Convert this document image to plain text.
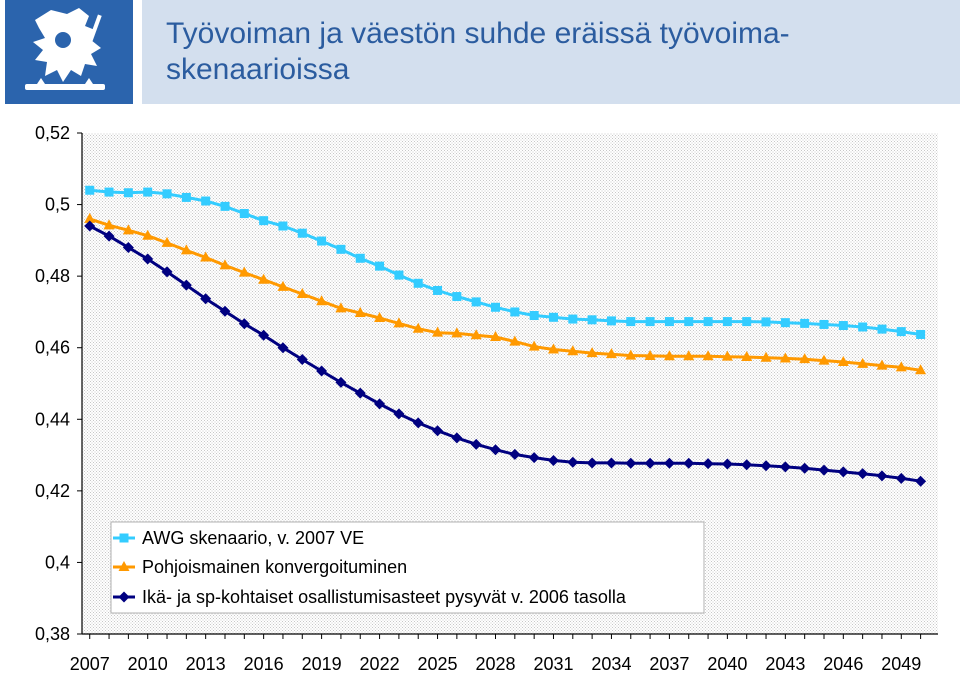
Työvoiman ja väestön suhde eräissä työvoima-
skenaarioissa
0,38
0,4
0,42
0,44
0,46
0,48
0,5
0,52
2007 2010 2013 2016 2019 2022 2025 2028 2031 2034 2037 2040 2043 2046 2049
AWG skenaario, v. 2007 VE
Pohjoismainen konvergoituminen
Ikä- ja sp-kohtaiset osallistumisasteet pysyvät v. 2006 tasolla
